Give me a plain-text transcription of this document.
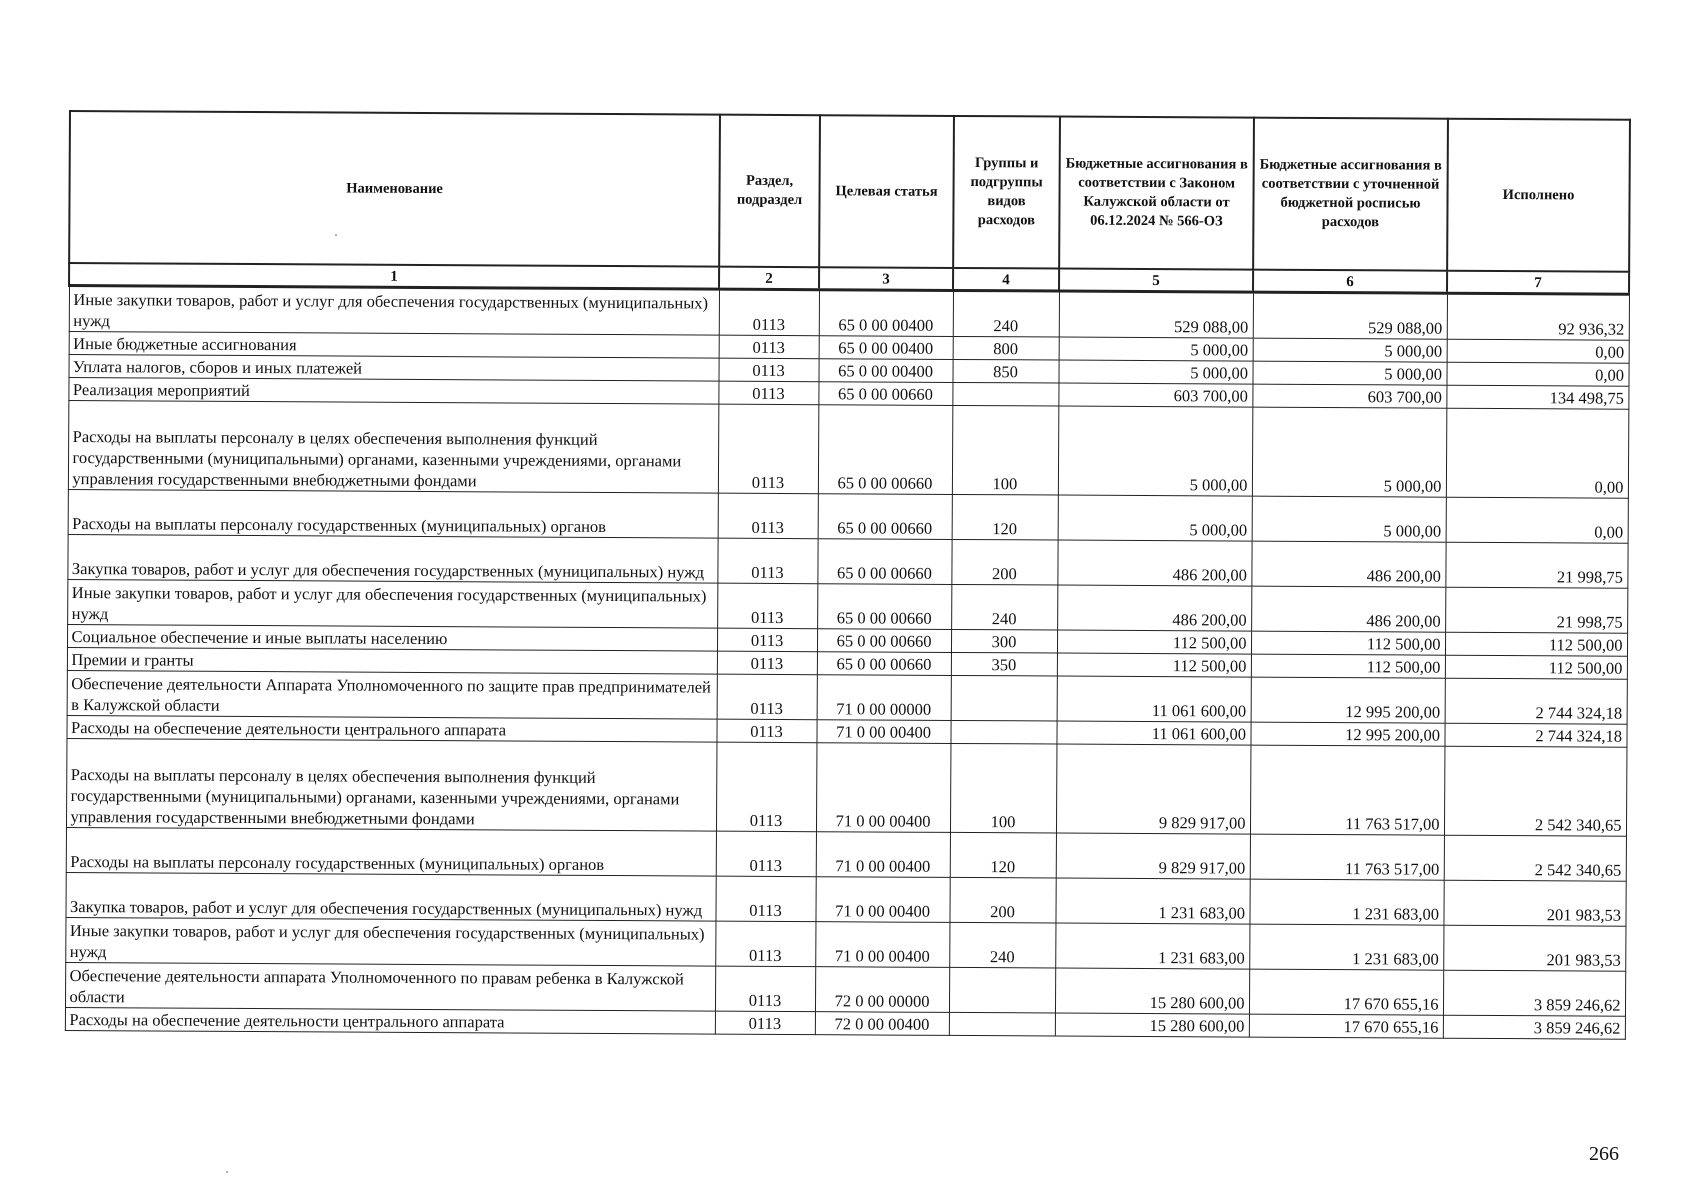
Наименование	Раздел, подраздел	Целевая статья	Группы и подгруппы видов расходов	Бюджетные ассигнования в соответствии с Законом Калужской области от 06.12.2024 № 566-ОЗ	Бюджетные ассигнования в соответствии с уточненной бюджетной росписью расходов	Исполнено
1	2	3	4	5	6	7
Иные закупки товаров, работ и услуг для обеспечения государственных (муниципальных) нужд	0113	65 0 00 00400	240	529 088,00	529 088,00	92 936,32
Иные бюджетные ассигнования	0113	65 0 00 00400	800	5 000,00	5 000,00	0,00
Уплата налогов, сборов и иных платежей	0113	65 0 00 00400	850	5 000,00	5 000,00	0,00
Реализация мероприятий	0113	65 0 00 00660		603 700,00	603 700,00	134 498,75
Расходы на выплаты персоналу в целях обеспечения выполнения функций государственными (муниципальными) органами, казенными учреждениями, органами управления государственными внебюджетными фондами	0113	65 0 00 00660	100	5 000,00	5 000,00	0,00
Расходы на выплаты персоналу государственных (муниципальных) органов	0113	65 0 00 00660	120	5 000,00	5 000,00	0,00
Закупка товаров, работ и услуг для обеспечения государственных (муниципальных) нужд	0113	65 0 00 00660	200	486 200,00	486 200,00	21 998,75
Иные закупки товаров, работ и услуг для обеспечения государственных (муниципальных) нужд	0113	65 0 00 00660	240	486 200,00	486 200,00	21 998,75
Социальное обеспечение и иные выплаты населению	0113	65 0 00 00660	300	112 500,00	112 500,00	112 500,00
Премии и гранты	0113	65 0 00 00660	350	112 500,00	112 500,00	112 500,00
Обеспечение деятельности Аппарата Уполномоченного по защите прав предпринимателей в Калужской области	0113	71 0 00 00000		11 061 600,00	12 995 200,00	2 744 324,18
Расходы на обеспечение деятельности центрального аппарата	0113	71 0 00 00400		11 061 600,00	12 995 200,00	2 744 324,18
Расходы на выплаты персоналу в целях обеспечения выполнения функций государственными (муниципальными) органами, казенными учреждениями, органами управления государственными внебюджетными фондами	0113	71 0 00 00400	100	9 829 917,00	11 763 517,00	2 542 340,65
Расходы на выплаты персоналу государственных (муниципальных) органов	0113	71 0 00 00400	120	9 829 917,00	11 763 517,00	2 542 340,65
Закупка товаров, работ и услуг для обеспечения государственных (муниципальных) нужд	0113	71 0 00 00400	200	1 231 683,00	1 231 683,00	201 983,53
Иные закупки товаров, работ и услуг для обеспечения государственных (муниципальных) нужд	0113	71 0 00 00400	240	1 231 683,00	1 231 683,00	201 983,53
Обеспечение деятельности аппарата Уполномоченного по правам ребенка в Калужской области	0113	72 0 00 00000		15 280 600,00	17 670 655,16	3 859 246,62
Расходы на обеспечение деятельности центрального аппарата	0113	72 0 00 00400		15 280 600,00	17 670 655,16	3 859 246,62
266
